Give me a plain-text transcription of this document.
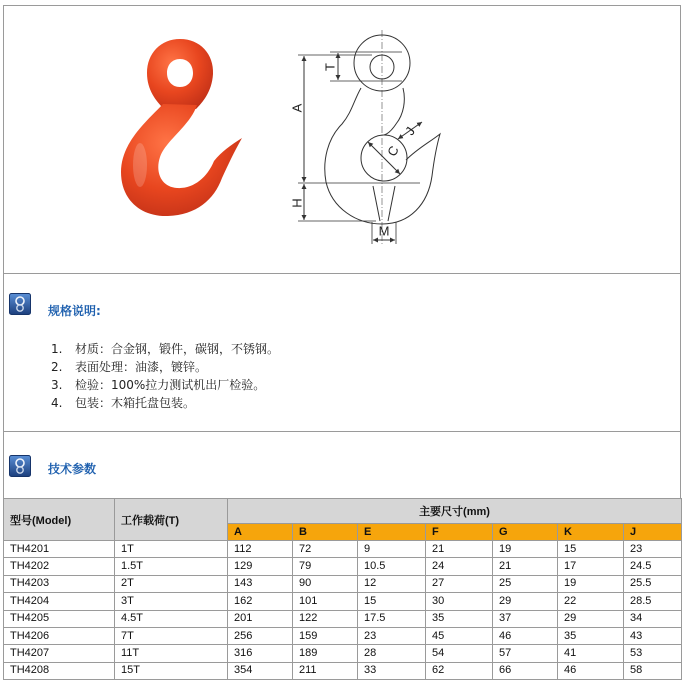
T
A
H
J
C
M
规格说明:
1. 材质：合金钢，锻件，碳钢，不锈钢。
2. 表面处理：油漆，镀锌。
3. 检验：100%拉力测试机出厂检验。
4. 包装：木箱托盘包装。
技术参数
型号(Model)	工作载荷(T)	主要尺寸(mm)						
		A	B	E	F	G	K	J
TH4201	1T	112	72	9	21	19	15	23
TH4202	1.5T	129	79	10.5	24	21	17	24.5
TH4203	2T	143	90	12	27	25	19	25.5
TH4204	3T	162	101	15	30	29	22	28.5
TH4205	4.5T	201	122	17.5	35	37	29	34
TH4206	7T	256	159	23	45	46	35	43
TH4207	11T	316	189	28	54	57	41	53
TH4208	15T	354	211	33	62	66	46	58
